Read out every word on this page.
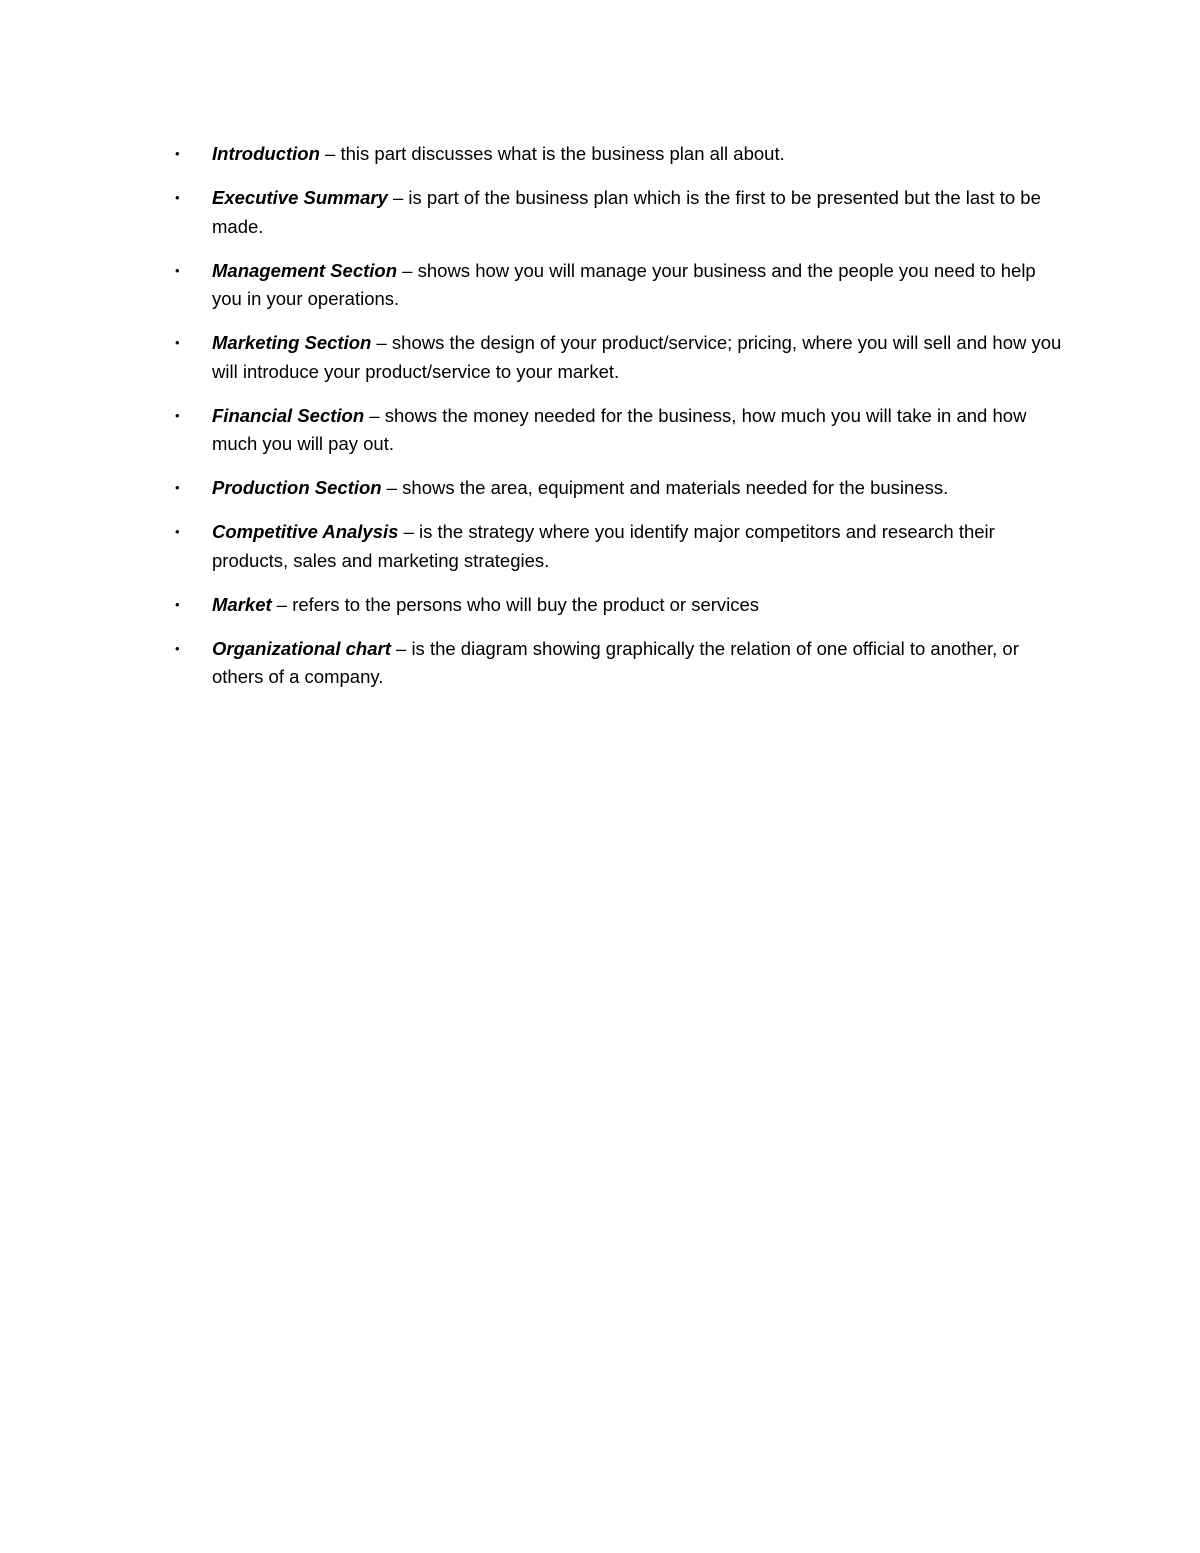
• Introduction – this part discusses what is the business plan all about.
• Executive Summary – is part of the business plan which is the first to be presented but the last to be made.
• Management Section – shows how you will manage your business and the people you need to help you in your operations.
• Marketing Section – shows the design of your product/service; pricing, where you will sell and how you will introduce your product/service to your market.
• Financial Section – shows the money needed for the business, how much you will take in and how much you will pay out.
• Production Section – shows the area, equipment and materials needed for the business.
• Competitive Analysis – is the strategy where you identify major competitors and research their products, sales and marketing strategies.
• Market – refers to the persons who will buy the product or services
• Organizational chart – is the diagram showing graphically the relation of one official to another, or others of a company.
